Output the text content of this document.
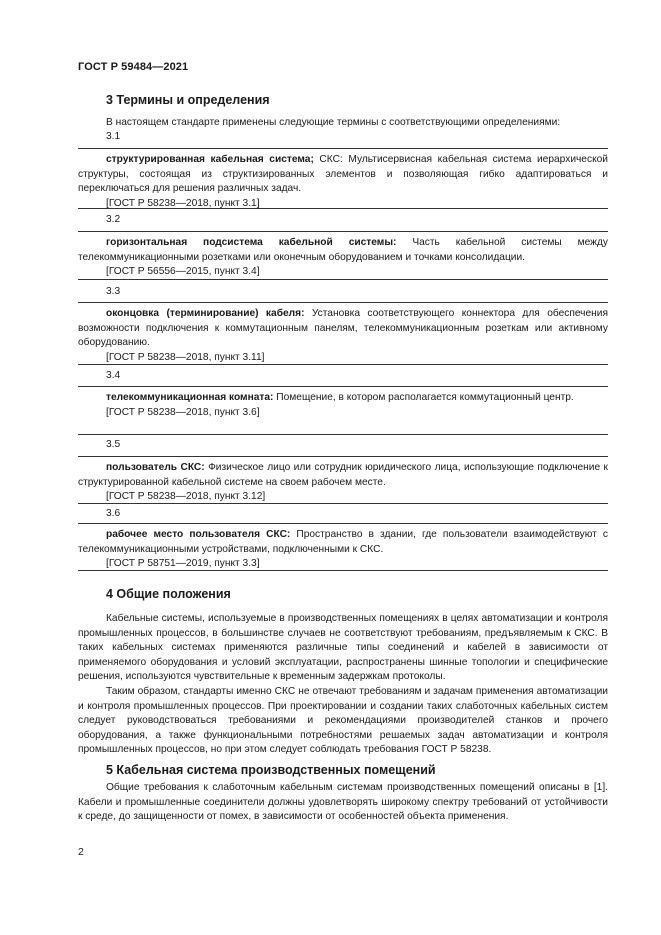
ГОСТ Р 59484—2021
3 Термины и определения
В настоящем стандарте применены следующие термины с соответствующими определениями:
3.1

структурированная кабельная система; СКС: Мультисервисная кабельная система иерархической структуры, состоящая из структизированных элементов и позволяющая гибко адаптироваться и переключаться для решения различных задач.

[ГОСТ Р 58238—2018, пункт 3.1]

3.2

горизонтальная подсистема кабельной системы: Часть кабельной системы между телекоммуникационными розетками или оконечным оборудованием и точками консолидации.

[ГОСТ Р 56556—2015, пункт 3.4]

3.3

оконцовка (терминирование) кабеля: Установка соответствующего коннектора для обеспечения возможности подключения к коммутационным панелям, телекоммуникационным розеткам или активному оборудованию.

[ГОСТ Р 58238—2018, пункт 3.11]

3.4

телекоммуникационная комната: Помещение, в котором располагается коммутационный центр.

[ГОСТ Р 58238—2018, пункт 3.6]

3.5

пользователь СКС: Физическое лицо или сотрудник юридического лица, использующие подключение к структурированной кабельной системе на своем рабочем месте.

[ГОСТ Р 58238—2018, пункт 3.12]

3.6

рабочее место пользователя СКС: Пространство в здании, где пользователи взаимодействуют с телекоммуникационными устройствами, подключенными к СКС.

[ГОСТ Р 58751—2019, пункт 3.3]

4 Общие положения

Кабельные системы, используемые в производственных помещениях в целях автоматизации и контроля промышленных процессов, в большинстве случаев не соответствуют требованиям, предъявляемым к СКС. В таких кабельных системах применяются различные типы соединений и кабелей в зависимости от применяемого оборудования и условий эксплуатации, распространены шинные топологии и специфические решения, используются чувствительные к временным задержкам протоколы.

Таким образом, стандарты именно СКС не отвечают требованиям и задачам применения автоматизации и контроля промышленных процессов. При проектировании и создании таких слаботочных кабельных систем следует руководствоваться требованиями и рекомендациями производителей станков и прочего оборудования, а также функциональными потребностями решаемых задач автоматизации и контроля промышленных процессов, но при этом следует соблюдать требования ГОСТ Р 58238.

5 Кабельная система производственных помещений

Общие требования к слаботочным кабельным системам производственных помещений описаны в [1]. Кабели и промышленные соединители должны удовлетворять широкому спектру требований от устойчивости к среде, до защищенности от помех, в зависимости от особенностей объекта применения.

2
